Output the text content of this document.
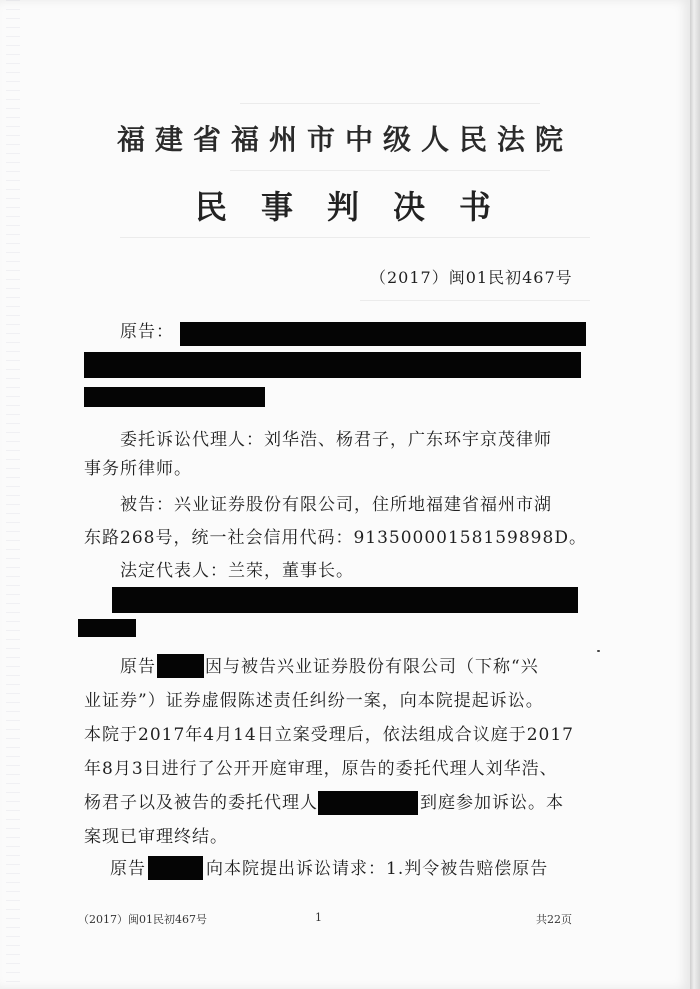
福建省福州市中级人民法院
民事判决书
（2017）闽01民初467号
原告：
委托诉讼代理人：刘华浩、杨君子，广东环宇京茂律师
事务所律师。
被告：兴业证券股份有限公司，住所地福建省福州市湖
东路268号，统一社会信用代码：91350000158159898D。
法定代表人：兰荣，董事长。
原告	因与被告兴业证券股份有限公司（下称“兴
业证券”）证券虚假陈述责任纠纷一案，向本院提起诉讼。
本院于2017年4月14日立案受理后，依法组成合议庭于2017
年8月3日进行了公开开庭审理，原告的委托代理人刘华浩、
杨君子以及被告的委托代理人	到庭参加诉讼。本
案现已审理终结。
原告	向本院提出诉讼请求：1.判令被告赔偿原告
（2017）闽01民初467号	1	共22页
